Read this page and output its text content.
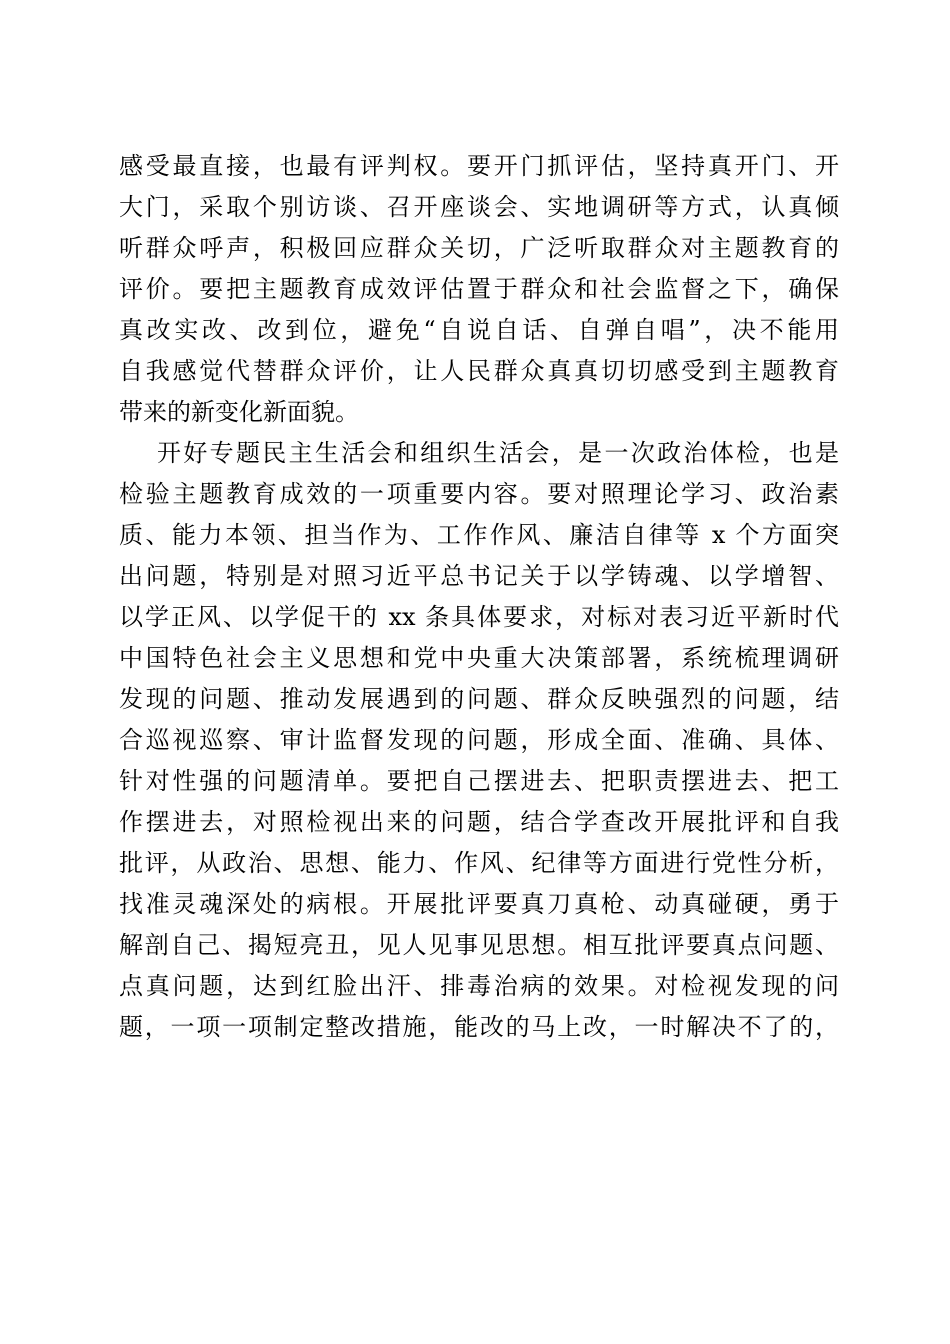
感受最直接，也最有评判权。要开门抓评估，坚持真开门、开
大门，采取个别访谈、召开座谈会、实地调研等方式，认真倾
听群众呼声，积极回应群众关切，广泛听取群众对主题教育的
评价。要把主题教育成效评估置于群众和社会监督之下，确保
真改实改、改到位，避免“自说自话、自弹自唱”，决不能用
自我感觉代替群众评价，让人民群众真真切切感受到主题教育
带来的新变化新面貌。
开好专题民主生活会和组织生活会，是一次政治体检，也是
检验主题教育成效的一项重要内容。要对照理论学习、政治素
质、能力本领、担当作为、工作作风、廉洁自律等 x 个方面突
出问题，特别是对照习近平总书记关于以学铸魂、以学增智、
以学正风、以学促干的 xx 条具体要求，对标对表习近平新时代
中国特色社会主义思想和党中央重大决策部署，系统梳理调研
发现的问题、推动发展遇到的问题、群众反映强烈的问题，结
合巡视巡察、审计监督发现的问题，形成全面、准确、具体、
针对性强的问题清单。要把自己摆进去、把职责摆进去、把工
作摆进去，对照检视出来的问题，结合学查改开展批评和自我
批评，从政治、思想、能力、作风、纪律等方面进行党性分析，
找准灵魂深处的病根。开展批评要真刀真枪、动真碰硬，勇于
解剖自己、揭短亮丑，见人见事见思想。相互批评要真点问题、
点真问题，达到红脸出汗、排毒治病的效果。对检视发现的问
题，一项一项制定整改措施，能改的马上改，一时解决不了的，
